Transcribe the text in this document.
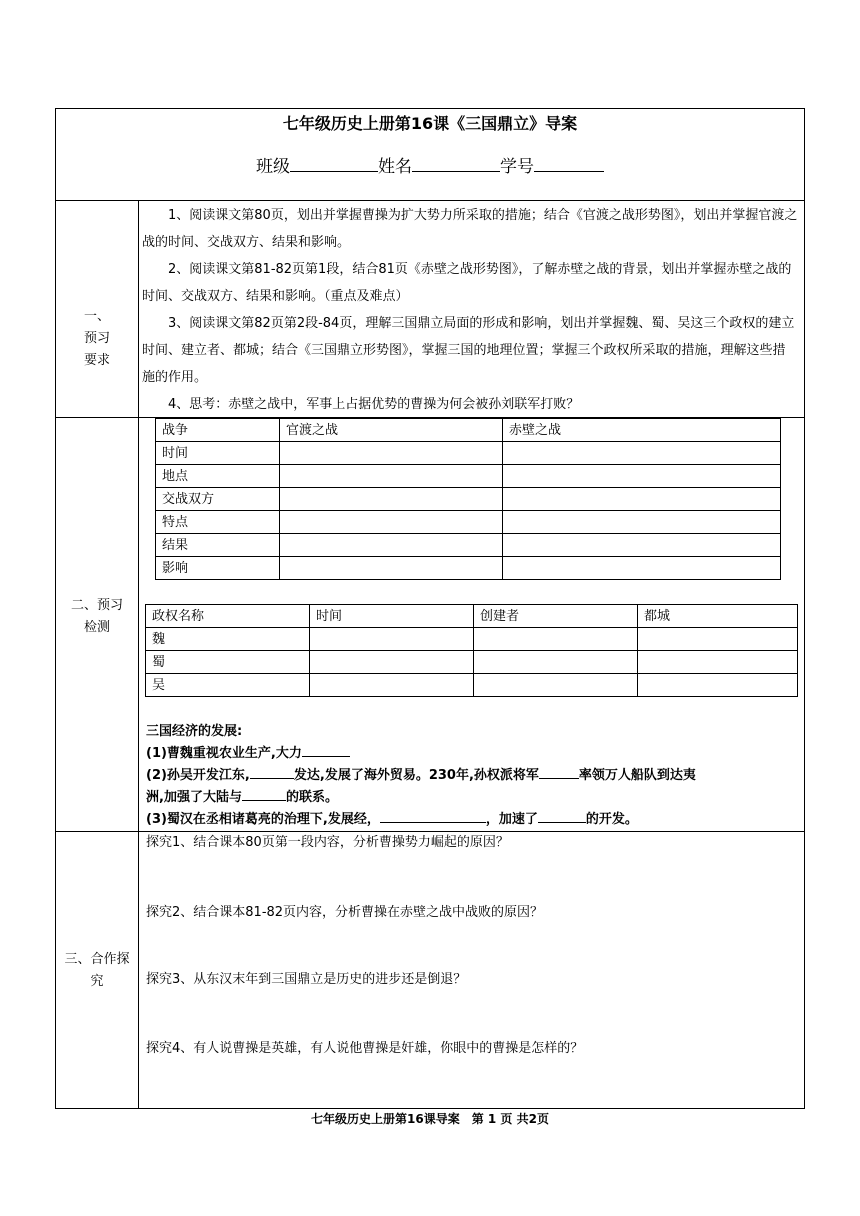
七年级历史上册第16课《三国鼎立》导案
班级	姓名	学号
一、
预习
要求

1、阅读课文第80页，划出并掌握曹操为扩大势力所采取的措施；结合《官渡之战形势图》，划出并掌握官渡之战的时间、交战双方、结果和影响。

2、阅读课文第81-82页第1段，结合81页《赤壁之战形势图》，了解赤壁之战的背景，划出并掌握赤壁之战的时间、交战双方、结果和影响。（重点及难点）

3、阅读课文第82页第2段-84页，理解三国鼎立局面的形成和影响，划出并掌握魏、蜀、吴这三个政权的建立时间、建立者、都城；结合《三国鼎立形势图》，掌握三国的地理位置；掌握三个政权所采取的措施，理解这些措施的作用。

4、思考：赤壁之战中，军事上占据优势的曹操为何会被孙刘联军打败？

二、预习
检测
战争	官渡之战	赤壁之战
时间		
地点		
交战双方		
特点		
结果		
影响		
政权名称	时间	创建者	都城
魏			
蜀			
吴			

三国经济的发展:

(1)曹魏重视农业生产,大力

(2)孙吴开发江东,	发达,发展了海外贸易。230年,孙权派将军	率领万人船队到达夷

洲,加强了大陆与	的联系。

(3)蜀汉在丞相诸葛亮的治理下,发展经，	，加速了	的开发。

三、合作探
究
探究1、结合课本80页第一段内容，分析曹操势力崛起的原因？
探究2、结合课本81-82页内容，分析曹操在赤壁之战中战败的原因？
探究3、从东汉末年到三国鼎立是历史的进步还是倒退？
探究4、有人说曹操是英雄，有人说他曹操是奸雄，你眼中的曹操是怎样的？
七年级历史上册第16课导案　第 1 页 共2页
